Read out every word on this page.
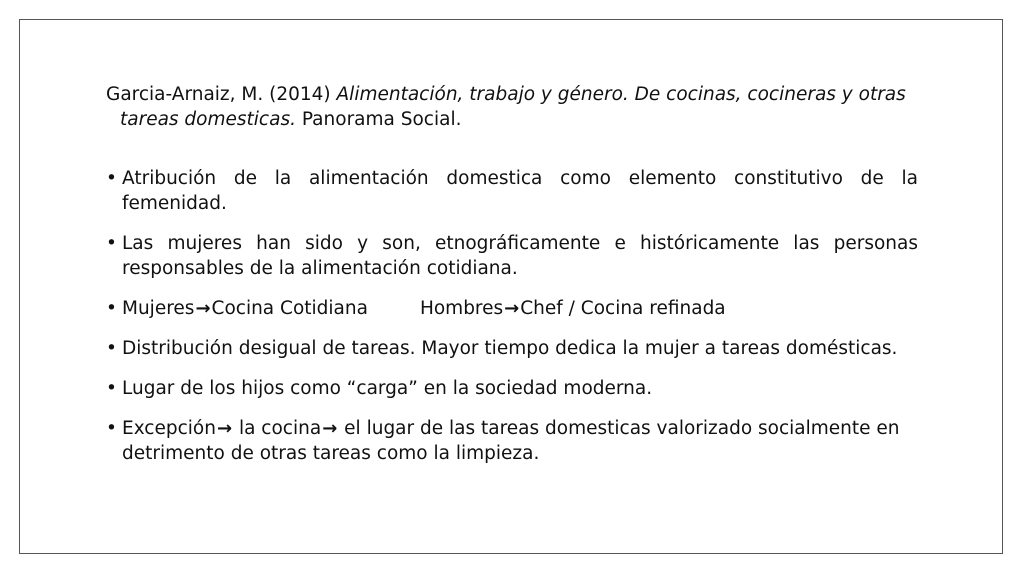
Garcia-Arnaiz, M. (2014) Alimentación, trabajo y género. De cocinas, cocineras y otras tareas domesticas. Panorama Social.

• Atribución de la alimentación domestica como elemento constitutivo de la femenidad.
• Las mujeres han sido y son, etnográficamente e históricamente las personas responsables de la alimentación cotidiana.
• Mujeres→Cocina Cotidiana	Hombres→Chef / Cocina refinada
• Distribución desigual de tareas. Mayor tiempo dedica la mujer a tareas domésticas.
• Lugar de los hijos como “carga” en la sociedad moderna.
• Excepción→ la cocina→ el lugar de las tareas domesticas valorizado socialmente en detrimento de otras tareas como la limpieza.
